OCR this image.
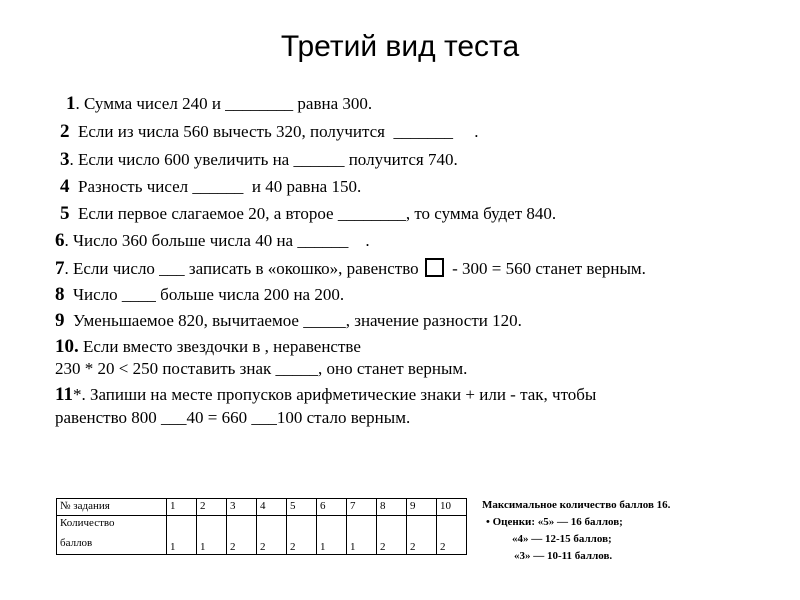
Третий вид теста
1. Сумма чисел 240 и ________ равна 300.
2  Если из числа 560 вычесть 320, получится  _______     .
3. Если число 600 увеличить на ______ получится 740.
4  Разность чисел ______  и 40 равна 150.
5  Если первое слагаемое 20, а второе ________, то сумма будет 840.
6. Число 360 больше числа 40 на ______    .
7. Если число ___ записать в «окошко», равенство  - 300 = 560 станет верным.
8  Число ____ больше числа 200 на 200.
9  Уменьшаемое 820, вычитаемое _____, значение разности 120.
10. Если вместо звездочки в , неравенстве
230 * 20 < 250 поставить знак _____, оно станет верным.
11*. Запиши на месте пропусков арифметические знаки + или - так, чтобы
равенство 800 ___40 = 660 ___100 стало верным.
№ задания	1	2	3	4	5	6	7	8	9	10

Количество
баллов	1	1	2	2	2	1	1	2	2	2
Максимальное количество баллов 16.
• Оценки: «5» — 16 баллов;
«4» — 12-15 баллов;
«3» — 10-11 баллов.
